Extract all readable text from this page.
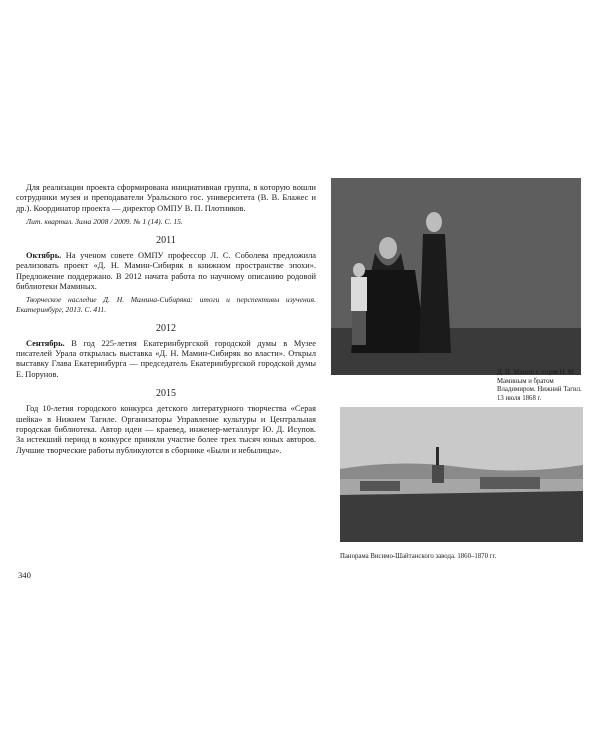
Для реализации проекта сформирована инициативная группа, в которую вошли сотрудники музея и преподаватели Уральского гос. университета (В. В. Блажес и др.). Координатор проекта — директор ОМПУ В. П. Плотников.

Лит. квартал. Зима 2008 / 2009. № 1 (14). С. 15.

2011

Октябрь. На ученом совете ОМПУ профессор Л. С. Соболева предложила реализовать проект «Д. Н. Мамин-Сибиряк в книжном пространстве эпохи». Предложение поддержано. В 2012 начата работа по научному описанию родовой библиотеки Маминых.

Творческое наследие Д. Н. Мамина-Сибиряка: итоги и перспективы изучения. Екатеринбург, 2013. С. 411.

2012

Сентябрь. В год 225-летия Екатеринбургской городской думы в Музее писателей Урала открылась выставка «Д. Н. Мамин-Сибиряк во власти». Открыл выставку Глава Екатеринбурга — председатель Екатеринбургской городской думы Е. Порунов.

2015

Год 10-летия городского конкурса детского литературного творчества «Серая шейка» в Нижнем Тагиле. Организаторы Управление культуры и Центральная городская библиотека. Автор идеи — краевед, инженер-металлург Ю. Д. Исупов. За истекший период в конкурсе приняли участие более трех тысяч юных авторов. Лучшие творческие работы публикуются в сборнике «Были и небылицы».

340
Д. Н. Мамин с отцом Н. М. Маминым и братом Владимиром. Нижний Тагил. 13 июля 1868 г.
Панорама Висимо-Шайтанского завода. 1860–1870 гг.
